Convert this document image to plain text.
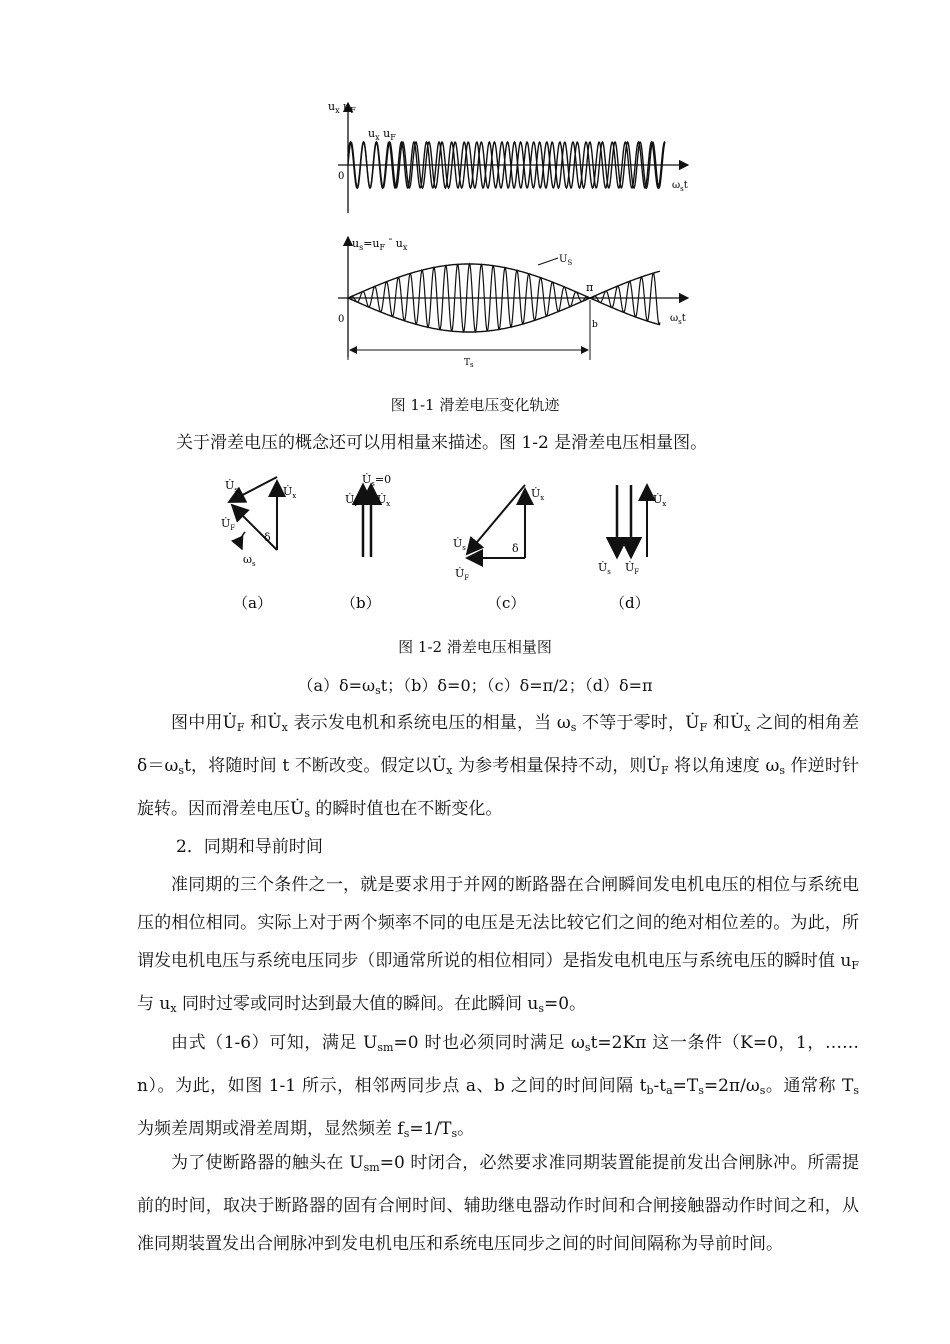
$u_x$ $u_F$
$u_x$ $u_F$
0
$\omega_st$
$u_s=u_F - u_x$
$U_S$
π
0	b
$\omega_st$
$T_s$
图 1-1 滑差电压变化轨迹
关于滑差电压的概念还可以用相量来描述。图 1-2 是滑差电压相量图。
$U̇_s$	$U̇_x$
$U̇_F$
δ
$\omega_s$
$U̇_s=0$
$U̇_F$ $U̇_x$
$U̇_x$
$U̇_s$
$U̇_F$
δ
$U̇_x$
$U̇_s$ $U̇_F$
（a）	（b）	（c）	（d）
图 1-2 滑差电压相量图
$(a)\delta=\omega_st$；（b）δ=0；（c）δ=π/2；（d）δ=π

图中用$U̇_F$ 和$U̇_x$ 表示发电机和系统电压的相量，当 $\omega_s$ 不等于零时，$U̇_F$ 和$U̇_x$ 之间的相角差 $\delta=\omega_st$，将随时间 t 不断改变。假定以$U̇_x$ 为参考相量保持不动，则$U̇_F$ 将以角速度 $\omega_s$ 作逆时针旋转。因而滑差电压$U̇_s$ 的瞬时值也在不断变化。

2．同期和导前时间

准同期的三个条件之一，就是要求用于并网的断路器在合闸瞬间发电机电压的相位与系统电压的相位相同。实际上对于两个频率不同的电压是无法比较它们之间的绝对相位差的。为此，所谓发电机电压与系统电压同步（即通常所说的相位相同）是指发电机电压与系统电压的瞬时值 $u_F$ 与 $u_x$ 同时过零或同时达到最大值的瞬间。在此瞬间 $u_s=0$。

由式（1-6）可知，满足 $U_{sm}=0$ 时也必须同时满足 $\omega_st=2K\pi$ 这一条件（K=0，1，……n）。为此，如图 1-1 所示，相邻两同步点 a、b 之间的时间间隔 $t_b-t_a=T_s=2\pi/\omega_s$。通常称 $T_s$ 为频差周期或滑差周期，显然频差 $f_s=1/T_s$。

为了使断路器的触头在 $U_{sm}=0$ 时闭合，必然要求准同期装置能提前发出合闸脉冲。所需提前的时间，取决于断路器的固有合闸时间、辅助继电器动作时间和合闸接触器动作时间之和，从准同期装置发出合闸脉冲到发电机电压和系统电压同步之间的时间间隔称为导前时间。
